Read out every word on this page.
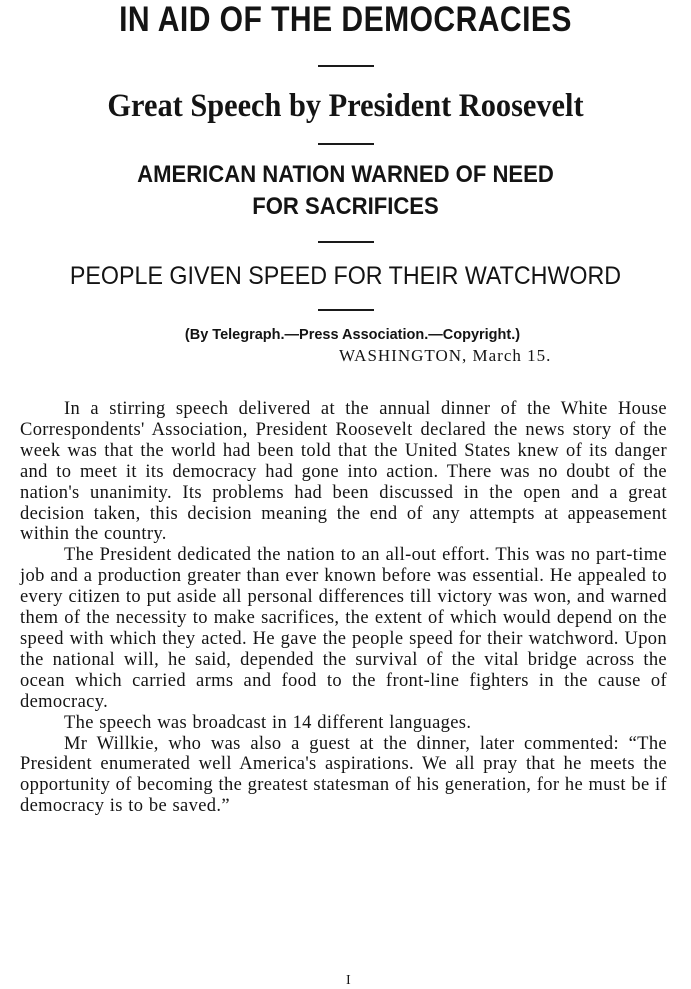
IN AID OF THE DEMOCRACIES
Great Speech by President Roosevelt
AMERICAN NATION WARNED OF NEED
FOR SACRIFICES
PEOPLE GIVEN SPEED FOR THEIR WATCHWORD

(By Telegraph.—Press Association.—Copyright.)

WASHINGTON, March 15.

In a stirring speech delivered at the annual dinner of the White House Correspondents' Association, President Roosevelt declared the news story of the week was that the world had been told that the United States knew of its danger and to meet it its democracy had gone into action. There was no doubt of the nation's unanimity. Its problems had been discussed in the open and a great decision taken, this decision meaning the end of any attempts at appeasement within the country.

The President dedicated the nation to an all-out effort. This was no part-time job and a production greater than ever known before was essential. He appealed to every citizen to put aside all personal differences till victory was won, and warned them of the necessity to make sacrifices, the extent of which would depend on the speed with which they acted. He gave the people speed for their watchword. Upon the national will, he said, depended the survival of the vital bridge across the ocean which carried arms and food to the front-line fighters in the cause of democracy.

The speech was broadcast in 14 different languages.

Mr Willkie, who was also a guest at the dinner, later commented: “The President enumerated well America's aspirations. We all pray that he meets the opportunity of becoming the greatest statesman of his generation, for he must be if democracy is to be saved.”

I
